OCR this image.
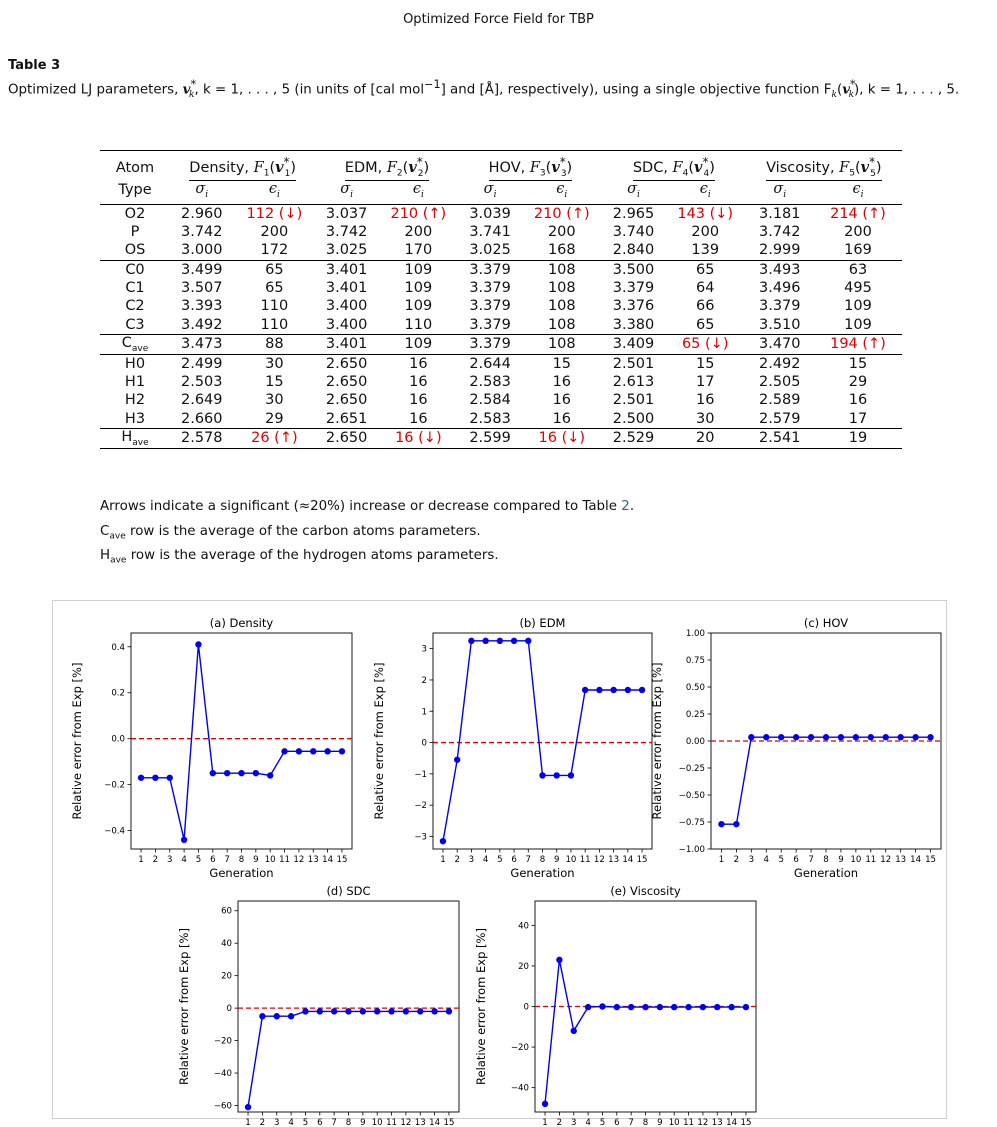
Optimized Force Field for TBP
Table 3
Optimized LJ parameters, $v^*_k$, k = 1, . . . , 5 (in units of [cal mol$^{-1}$] and [Å], respectively), using a single objective function $F_k(v^*_k)$, k = 1, . . . , 5.
Atom	Density, $F_1(v^*_1)$		EDM, $F_2(v^*_2)$		HOV, $F_3(v^*_3)$		SDC, $F_4(v^*_4)$		Viscosity, $F_5(v^*_5)$	
Type	$\sigma_i$	$\epsilon_i$	$\sigma_i$	$\epsilon_i$	$\sigma_i$	$\epsilon_i$	$\sigma_i$	$\epsilon_i$	$\sigma_i$	$\epsilon_i$
O2	2.960	112 (↓)	3.037	210 (↑)	3.039	210 (↑)	2.965	143 (↓)	3.181	214 (↑)
P	3.742	200	3.742	200	3.741	200	3.740	200	3.742	200
OS	3.000	172	3.025	170	3.025	168	2.840	139	2.999	169
C0	3.499	65	3.401	109	3.379	108	3.500	65	3.493	63
C1	3.507	65	3.401	109	3.379	108	3.379	64	3.496	495
C2	3.393	110	3.400	109	3.379	108	3.376	66	3.379	109
C3	3.492	110	3.400	110	3.379	108	3.380	65	3.510	109
$C_{ave}$	3.473	88	3.401	109	3.379	108	3.409	65 (↓)	3.470	194 (↑)
H0	2.499	30	2.650	16	2.644	15	2.501	15	2.492	15
H1	2.503	15	2.650	16	2.583	16	2.613	17	2.505	29
H2	2.649	30	2.650	16	2.584	16	2.501	16	2.589	16
H3	2.660	29	2.651	16	2.583	16	2.500	30	2.579	17
$H_{ave}$	2.578	26 (↑)	2.650	16 (↓)	2.599	16 (↓)	2.529	20	2.541	19
Arrows indicate a significant (≈20%) increase or decrease compared to Table 2.
$C_{ave}$ row is the average of the carbon atoms parameters.
$H_{ave}$ row is the average of the hydrogen atoms parameters.
(a) Density
1 2 3 4 5 6 7 8 9 10 11 12 13 14 15
−0.4
−0.2
0.0
0.2
0.4
Generation
Relative error from Exp [%]
(b) EDM
1 2 3 4 5 6 7 8 9 10 11 12 13 14 15
−3
−2
−1
0
1
2
3
Generation
Relative error from Exp [%]
(c) HOV
1 2 3 4 5 6 7 8 9 10 11 12 13 14 15
−1.00
−0.75
−0.50
−0.25
0.00
0.25
0.50
0.75
1.00
Generation
Relative error from Exp [%]
(d) SDC
1 2 3 4 5 6 7 8 9 10 11 12 13 14 15
−60
−40
−20
0
20
40
60
Relative error from Exp [%]
(e) Viscosity
1 2 3 4 5 6 7 8 9 10 11 12 13 14 15
−40
−20
0
20
40
Relative error from Exp [%]
